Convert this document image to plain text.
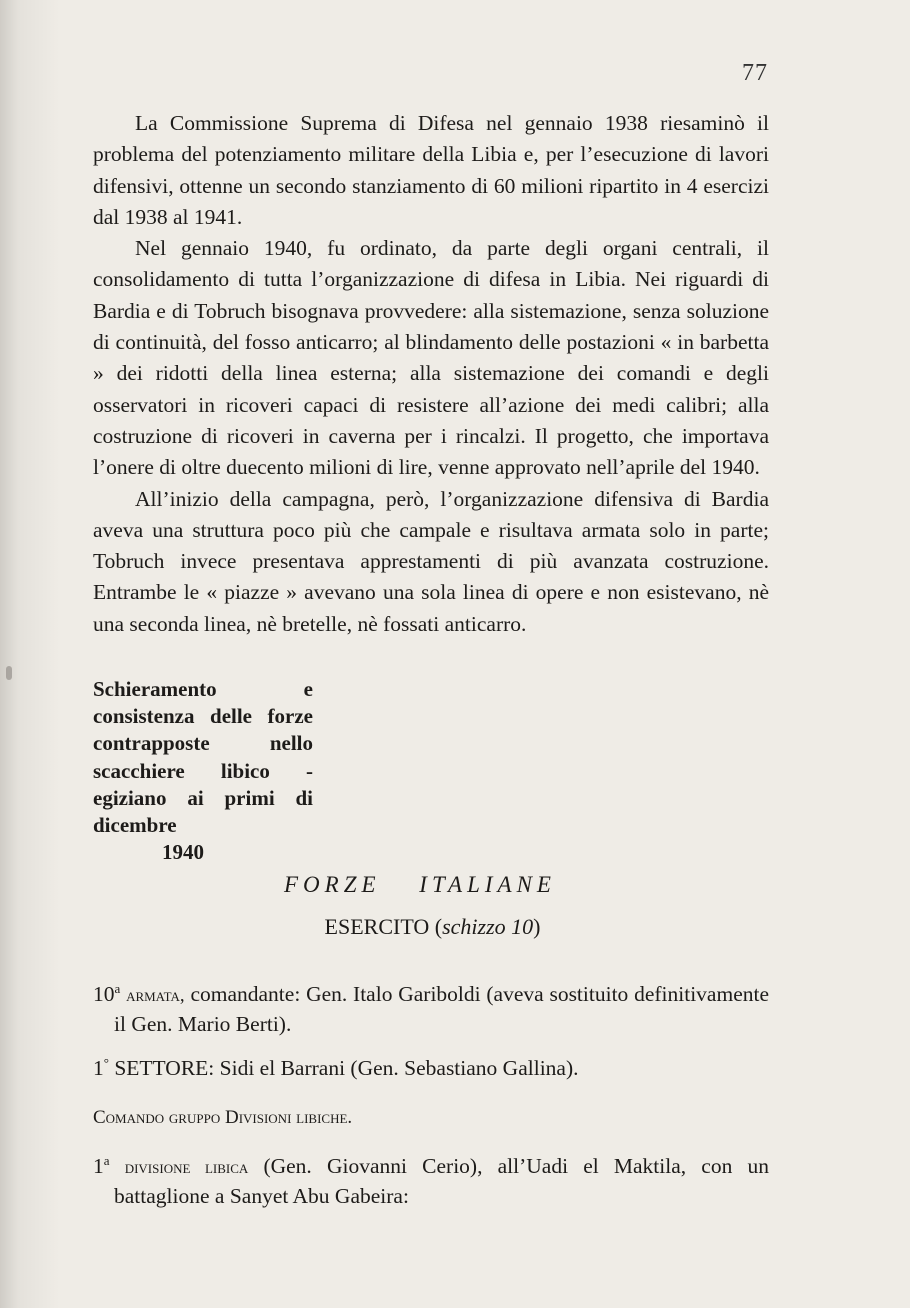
77

La Commissione Suprema di Difesa nel gennaio 1938 riesaminò il problema del potenziamento militare della Libia e, per l’esecuzione di lavori difensivi, ottenne un secondo stanziamento di 60 milioni ripartito in 4 esercizi dal 1938 al 1941.

Nel gennaio 1940, fu ordinato, da parte degli organi centrali, il consolidamento di tutta l’organizzazione di difesa in Libia. Nei riguardi di Bardia e di Tobruch bisognava provvedere: alla sistemazione, senza soluzione di continuità, del fosso anticarro; al blindamento delle postazioni « in barbetta » dei ridotti della linea esterna; alla sistemazione dei comandi e degli osservatori in ricoveri capaci di resistere all’azione dei medi calibri; alla costruzione di ricoveri in caverna per i rincalzi. Il progetto, che importava l’onere di oltre duecento milioni di lire, venne approvato nell’aprile del 1940.

All’inizio della campagna, però, l’organizzazione difensiva di Bardia aveva una struttura poco più che campale e risultava armata solo in parte; Tobruch invece presentava apprestamenti di più avanzata costruzione. Entrambe le « piazze » avevano una sola linea di opere e non esistevano, nè una seconda linea, nè bretelle, nè fossati anticarro.

Schieramento e consistenza delle forze contrapposte nello scacchiere libico - egiziano ai primi di dicembre
1940
FORZE ITALIANE
ESERCITO (schizzo 10)

10$^a$ armata, comandante: Gen. Italo Gariboldi (aveva sostituito definitivamente il Gen. Mario Berti).

1° SETTORE: Sidi el Barrani (Gen. Sebastiano Gallina).

Comando gruppo Divisioni libiche.

1$^a$ divisione libica (Gen. Giovanni Cerio), all’Uadi el Maktila, con un battaglione a Sanyet Abu Gabeira:
